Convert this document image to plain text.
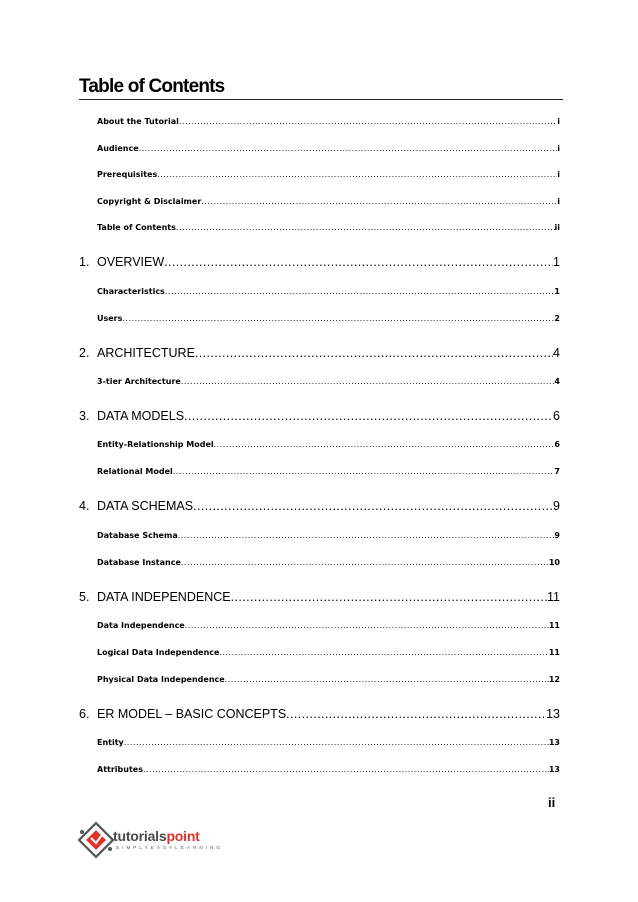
Table of Contents
About the Tutorial .....	i
Audience .....	i
Prerequisites .....	i
Copyright & Disclaimer .....	i
Table of Contents .....	ii
1. OVERVIEW .....	1
Characteristics .....	1
Users .....	2
2. ARCHITECTURE .....	4
3-tier Architecture .....	4
3. DATA MODELS .....	6
Entity-Relationship Model .....	6
Relational Model .....	7
4. DATA SCHEMAS .....	9
Database Schema .....	9
Database Instance .....	10
5. DATA INDEPENDENCE .....	11
Data Independence .....	11
Logical Data Independence .....	11
Physical Data Independence .....	12
6. ER MODEL – BASIC CONCEPTS .....	13
Entity .....	13
Attributes .....	13
ii
tutorialspoint
SIMPLYEASYLEARNING
